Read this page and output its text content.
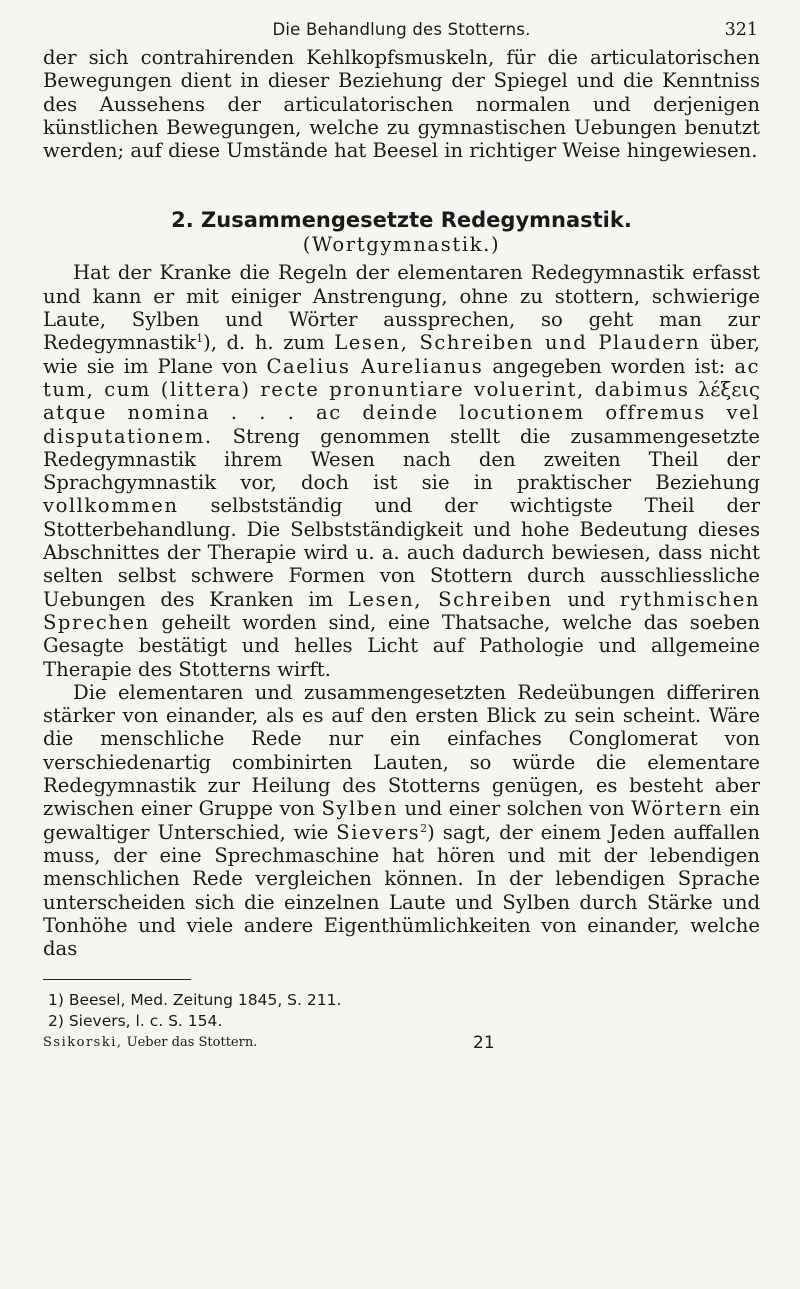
Die Behandlung des Stotterns.	321

der sich contrahirenden Kehlkopfsmuskeln, für die articulatorischen Bewegungen dient in dieser Beziehung der Spiegel und die Kenntniss des Aussehens der articulatorischen normalen und derjenigen künstlichen Bewegungen, welche zu gymnastischen Uebungen benutzt werden; auf diese Umstände hat Beesel in richtiger Weise hingewiesen.

2. Zusammengesetzte Redegymnastik.
(Wortgymnastik.)

Hat der Kranke die Regeln der elementaren Redegymnastik erfasst und kann er mit einiger Anstrengung, ohne zu stottern, schwierige Laute, Sylben und Wörter aussprechen, so geht man zur Redegymnastik$^1$), d. h. zum Lesen, Schreiben und Plaudern über, wie sie im Plane von Caelius Aurelianus angegeben worden ist: ac tum, cum (littera) recte pronuntiare voluerint, dabimus λέξεις atque nomina . . . ac deinde locutionem offremus vel disputationem. Streng genommen stellt die zusammengesetzte Redegymnastik ihrem Wesen nach den zweiten Theil der Sprachgymnastik vor, doch ist sie in praktischer Beziehung vollkommen selbstständig und der wichtigste Theil der Stotterbehandlung. Die Selbstständigkeit und hohe Bedeutung dieses Abschnittes der Therapie wird u. a. auch dadurch bewiesen, dass nicht selten selbst schwere Formen von Stottern durch ausschliessliche Uebungen des Kranken im Lesen, Schreiben und rythmischen Sprechen geheilt worden sind, eine Thatsache, welche das soeben Gesagte bestätigt und helles Licht auf Pathologie und allgemeine Therapie des Stotterns wirft.

Die elementaren und zusammengesetzten Redeübungen differiren stärker von einander, als es auf den ersten Blick zu sein scheint. Wäre die menschliche Rede nur ein einfaches Conglomerat von verschiedenartig combinirten Lauten, so würde die elementare Redegymnastik zur Heilung des Stotterns genügen, es besteht aber zwischen einer Gruppe von Sylben und einer solchen von Wörtern ein gewaltiger Unterschied, wie Sievers$^2$) sagt, der einem Jeden auffallen muss, der eine Sprechmaschine hat hören und mit der lebendigen menschlichen Rede vergleichen können. In der lebendigen Sprache unterscheiden sich die einzelnen Laute und Sylben durch Stärke und Tonhöhe und viele andere Eigenthümlichkeiten von einander, welche das

1) Beesel, Med. Zeitung 1845, S. 211.

2) Sievers, l. c. S. 154.

Ssikorski, Ueber das Stottern.	21
